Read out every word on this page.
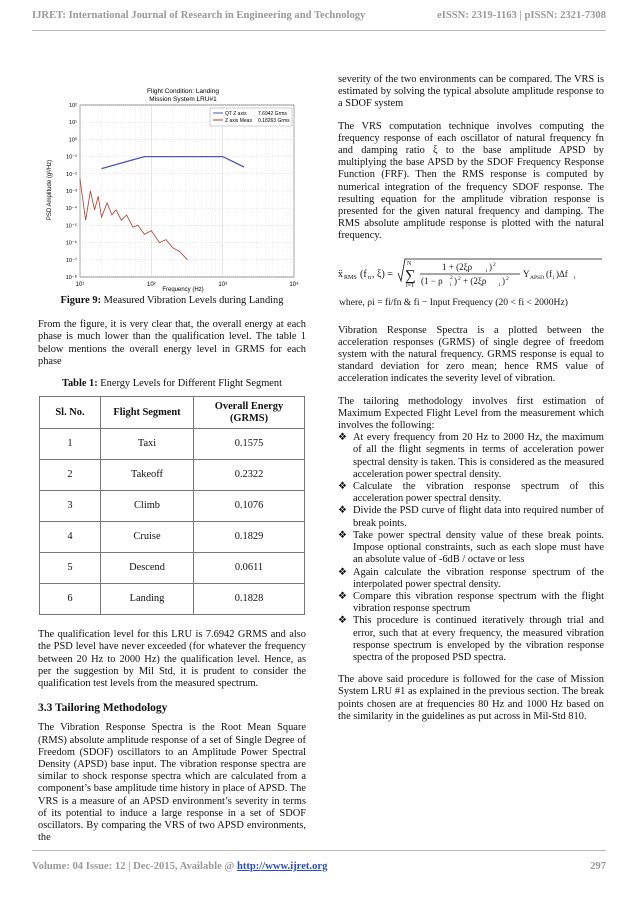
IJRET: International Journal of Research in Engineering and Technology	eISSN: 2319-1163 | pISSN: 2321-7308
Flight Condition: Landing
Mission System LRU#1
10¹	10²	10³	10⁴
10⁻⁸
10⁻⁷
10⁻⁶
10⁻⁵
10⁻⁴
10⁻³
10⁻²
10⁻¹
10⁰
10¹
10²
QT Z axis 7.6942 Grms
Z axis Meas 0.18263 Grms
Frequency (Hz)
PSD Amplitude (g²/Hz)

Figure 9: Measured Vibration Levels during Landing

From the figure, it is very clear that, the overall energy at each phase is much lower than the qualification level. The table 1 below mentions the overall energy level in GRMS for each phase

Table 1: Energy Levels for Different Flight Segment

Sl. No.	Flight Segment	Overall Energy (GRMS)
1	Taxi	0.1575
2	Takeoff	0.2322
3	Climb	0.1076
4	Cruise	0.1829
5	Descend	0.0611
6	Landing	0.1828

The qualification level for this LRU is 7.6942 GRMS and also the PSD level have never exceeded (for whatever the frequency between 20 Hz to 2000 Hz) the qualification level. Hence, as per the suggestion by Mil Std, it is prudent to consider the qualification test levels from the measured spectrum.

3.3 Tailoring Methodology

The Vibration Response Spectra is the Root Mean Square (RMS) absolute amplitude response of a set of Single Degree of Freedom (SDOF) oscillators to an Amplitude Power Spectral Density (APSD) base input. The vibration response spectra are similar to shock response spectra which are calculated from a component’s base amplitude time history in place of APSD. The VRS is a measure of an APSD environment’s severity in terms of its potential to induce a large response in a set of SDOF oscillators. By comparing the VRS of two APSD environments, the

severity of the two environments can be compared. The VRS is estimated by solving the typical absolute amplitude response to a SDOF system

The VRS computation technique involves computing the frequency response of each oscillator of natural frequency fn and damping ratio ξ to the base amplitude APSD by multiplying the base APSD by the SDOF Frequency Response Function (FRF). Then the RMS response is computed by numerical integration of the frequency SDOF response. The resulting equation for the amplitude vibration response is presented for the given natural frequency and damping. The RMS absolute amplitude response is plotted with the natural frequency.

ẍ RMS (f n , ξ) =
N
∑
i=1
1 + (2ξρ	i ) 2
(1 − ρ i
2 ) 2 + (2ξρ i ) 2 Y APSD (f i )Δf i
where, ρi = fi/fn & fi − Input Frequency (20 < fi < 2000Hz)

Vibration Response Spectra is a plotted between the acceleration responses (GRMS) of single degree of freedom system with the natural frequency. GRMS response is equal to standard deviation for zero mean; hence RMS value of acceleration indicates the severity level of vibration.

The tailoring methodology involves first estimation of Maximum Expected Flight Level from the measurement which involves the following:

❖ At every frequency from 20 Hz to 2000 Hz, the maximum of all the flight segments in terms of acceleration power spectral density is taken. This is considered as the measured acceleration power spectral density.
❖ Calculate the vibration response spectrum of this acceleration power spectral density.
❖ Divide the PSD curve of flight data into required number of break points.
❖ Take power spectral density value of these break points. Impose optional constraints, such as each slope must have an absolute value of -6dB / octave or less
❖ Again calculate the vibration response spectrum of the interpolated power spectral density.
❖ Compare this vibration response spectrum with the flight vibration response spectrum
❖ This procedure is continued iteratively through trial and error, such that at every frequency, the measured vibration response spectrum is enveloped by the vibration response spectra of the proposed PSD spectra.

The above said procedure is followed for the case of Mission System LRU #1 as explained in the previous section. The break points chosen are at frequencies 80 Hz and 1000 Hz based on the similarity in the guidelines as put across in Mil-Std 810.

Volume: 04 Issue: 12 | Dec-2015, Available @ http://www.ijret.org	297
